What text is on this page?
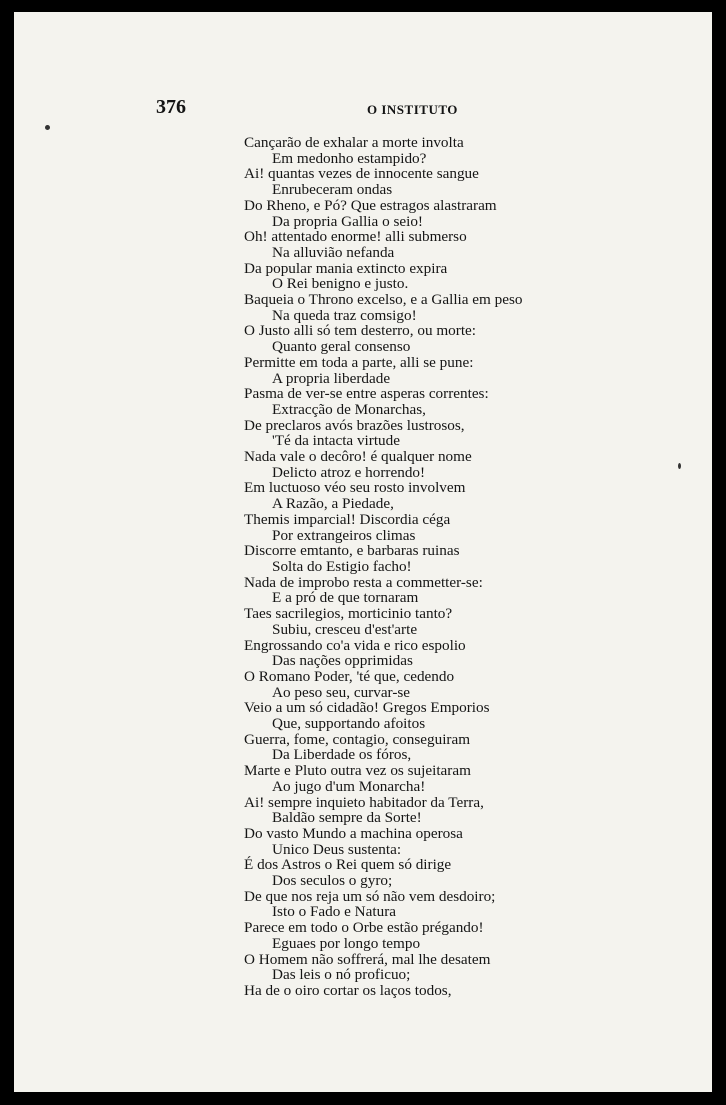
376	O INSTITUTO
Cançarão de exhalar a morte involta
Em medonho estampido?
Ai! quantas vezes de innocente sangue
Enrubeceram ondas
Do Rheno, e Pó? Que estragos alastraram
Da propria Gallia o seio!
Oh! attentado enorme! alli submerso
Na alluvião nefanda
Da popular mania extincto expira
O Rei benigno e justo.
Baqueia o Throno excelso, e a Gallia em peso
Na queda traz comsigo!
O Justo alli só tem desterro, ou morte:
Quanto geral consenso
Permitte em toda a parte, alli se pune:
A propria liberdade
Pasma de ver-se entre asperas correntes:
Extracção de Monarchas,
De preclaros avós brazões lustrosos,
'Té da intacta virtude
Nada vale o decôro! é qualquer nome
Delicto atroz e horrendo!
Em luctuoso véo seu rosto involvem
A Razão, a Piedade,
Themis imparcial! Discordia céga
Por extrangeiros climas
Discorre emtanto, e barbaras ruinas
Solta do Estigio facho!
Nada de improbo resta a commetter-se:
E a pró de que tornaram
Taes sacrilegios, morticinio tanto?
Subiu, cresceu d'est'arte
Engrossando co'a vida e rico espolio
Das nações opprimidas
O Romano Poder, 'té que, cedendo
Ao peso seu, curvar-se
Veio a um só cidadão! Gregos Emporios
Que, supportando afoitos
Guerra, fome, contagio, conseguiram
Da Liberdade os fóros,
Marte e Pluto outra vez os sujeitaram
Ao jugo d'um Monarcha!
Ai! sempre inquieto habitador da Terra,
Baldão sempre da Sorte!
Do vasto Mundo a machina operosa
Unico Deus sustenta:
É dos Astros o Rei quem só dirige
Dos seculos o gyro;
De que nos reja um só não vem desdoiro;
Isto o Fado e Natura
Parece em todo o Orbe estão prégando!
Eguaes por longo tempo
O Homem não soffrerá, mal lhe desatem
Das leis o nó proficuo;
Ha de o oiro cortar os laços todos,
